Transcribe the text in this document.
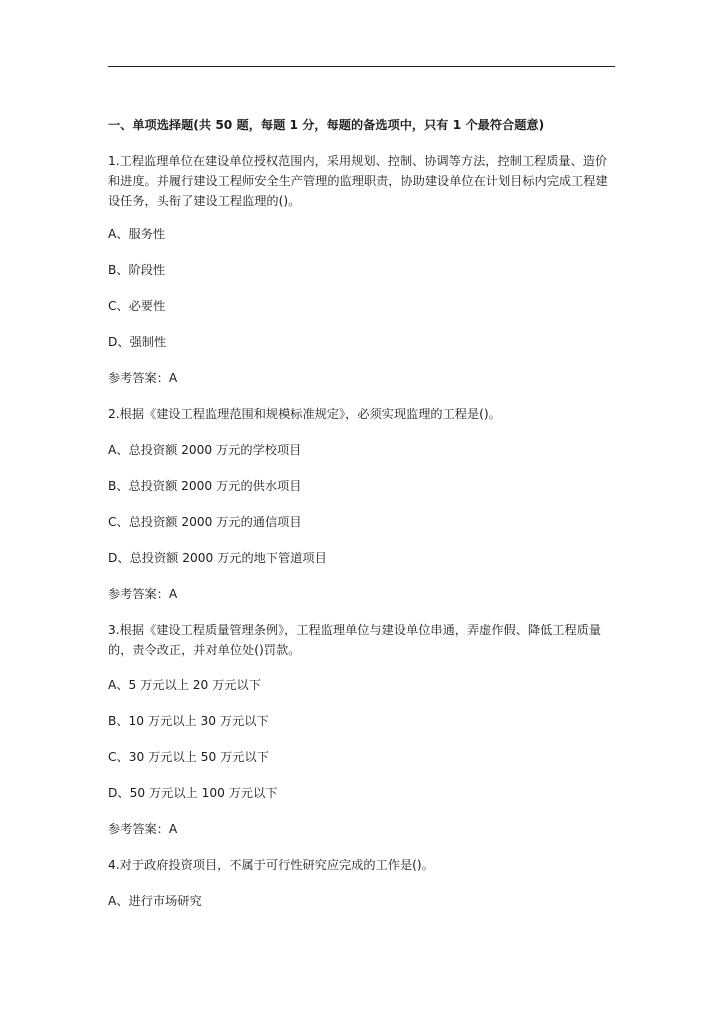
一、单项选择题(共 50 题，每题 1 分，每题的备选项中，只有 1 个最符合题意)
1.工程监理单位在建设单位授权范围内，采用规划、控制、协调等方法，控制工程质量、造价
和进度。并履行建设工程师安全生产管理的监理职责，协助建设单位在计划目标内完成工程建
设任务，头衔了建设工程监理的()。
A、服务性
B、阶段性
C、必要性
D、强制性
参考答案：A
2.根据《建设工程监理范围和规模标准规定》，必须实现监理的工程是()。
A、总投资额 2000 万元的学校项目
B、总投资额 2000 万元的供水项目
C、总投资额 2000 万元的通信项目
D、总投资额 2000 万元的地下管道项目
参考答案：A
3.根据《建设工程质量管理条例》，工程监理单位与建设单位串通，弄虚作假、降低工程质量
的，责令改正，并对单位处()罚款。
A、5 万元以上 20 万元以下
B、10 万元以上 30 万元以下
C、30 万元以上 50 万元以下
D、50 万元以上 100 万元以下
参考答案：A
4.对于政府投资项目，不属于可行性研究应完成的工作是()。
A、进行市场研究
